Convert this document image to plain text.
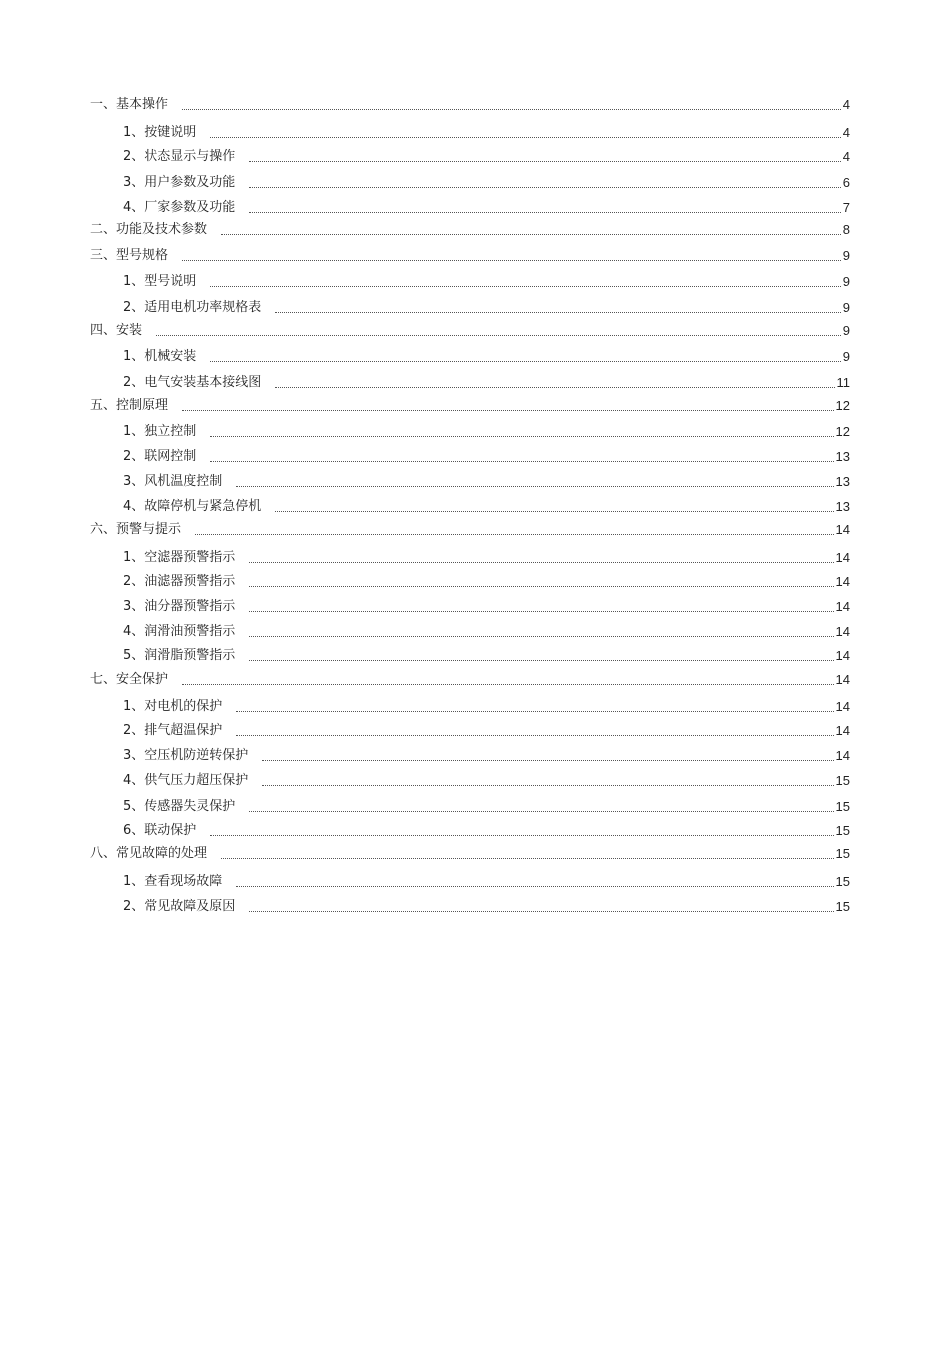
一、基本操作	4
1、按键说明	4
2、状态显示与操作	4
3、用户参数及功能	6
4、厂家参数及功能	7
二、功能及技术参数	8
三、型号规格	9
1、型号说明	9
2、适用电机功率规格表	9
四、安装	9
1、机械安装	9
2、电气安装基本接线图	11
五、控制原理	12
1、独立控制	12
2、联网控制	13
3、风机温度控制	13
4、故障停机与紧急停机	13
六、预警与提示	14
1、空滤器预警指示	14
2、油滤器预警指示	14
3、油分器预警指示	14
4、润滑油预警指示	14
5、润滑脂预警指示	14
七、安全保护	14
1、对电机的保护	14
2、排气超温保护	14
3、空压机防逆转保护	14
4、供气压力超压保护	15
5、传感器失灵保护	15
6、联动保护	15
八、常见故障的处理	15
1、查看现场故障	15
2、常见故障及原因	15
